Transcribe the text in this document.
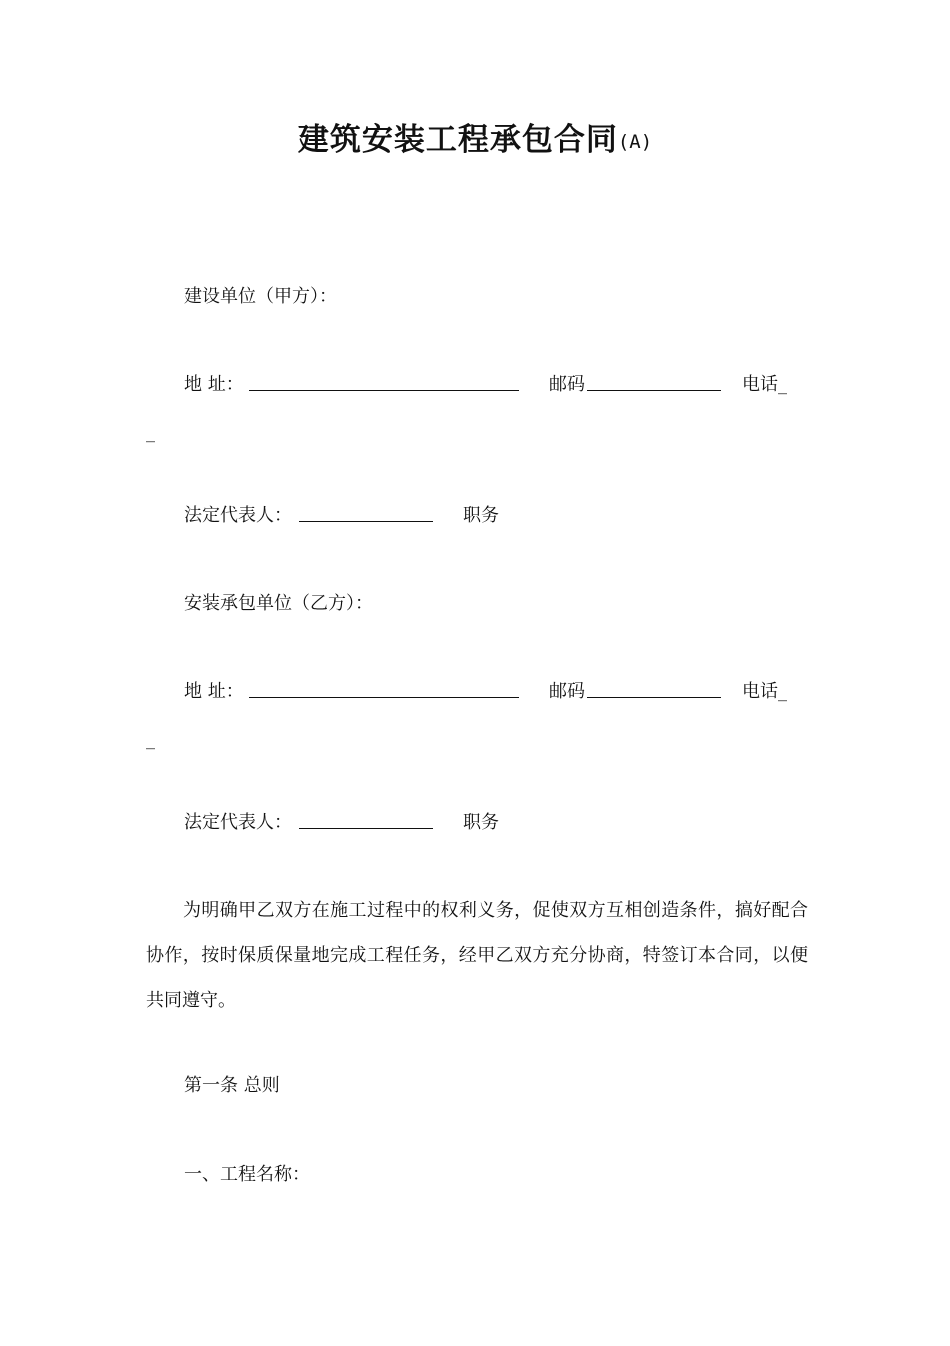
建筑安装工程承包合同(A)
建设单位（甲方）：
地 址：	邮码	电话_
_
法定代表人：	职务
安装承包单位（乙方）：
地 址：	邮码	电话_
_
法定代表人：	职务
为明确甲乙双方在施工过程中的权利义务，促使双方互相创造条件，搞好配合协作，按时保质保量地完成工程任务，经甲乙双方充分协商，特签订本合同，以便共同遵守。
第一条 总则
一、工程名称：
